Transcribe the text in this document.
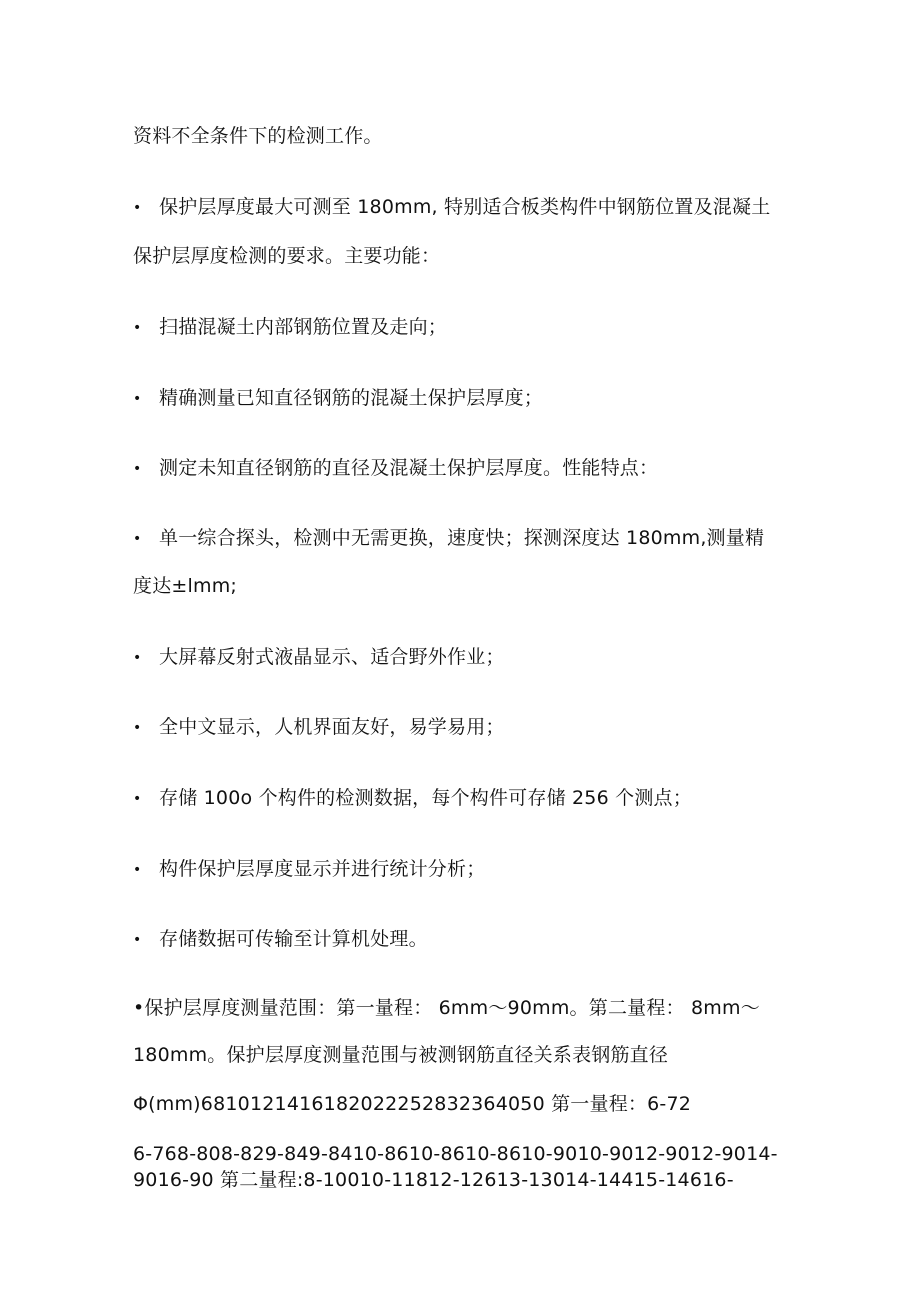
资料不全条件下的检测工作。
• 保护层厚度最大可测至 180mm, 特别适合板类构件中钢筋位置及混凝土
保护层厚度检测的要求。主要功能：
• 扫描混凝土内部钢筋位置及走向；
• 精确测量已知直径钢筋的混凝土保护层厚度；
• 测定未知直径钢筋的直径及混凝土保护层厚度。性能特点：
• 单一综合探头，检测中无需更换，速度快；探测深度达 180mm,测量精
度达±lmm;
• 大屏幕反射式液晶显示、适合野外作业；
• 全中文显示，人机界面友好，易学易用；
• 存储 100o 个构件的检测数据，每个构件可存储 256 个测点；
• 构件保护层厚度显示并进行统计分析；
• 存储数据可传输至计算机处理。
•保护层厚度测量范围：第一量程： 6mm～90mm。第二量程： 8mm～
180mm。保护层厚度测量范围与被测钢筋直径关系表钢筋直径
Φ(mm)6810121416182022252832364050 第一量程：6-72
6-768-808-829-849-8410-8610-8610-8610-9010-9012-9012-9014-
9016-90 第二量程:8-10010-11812-12613-13014-14415-14616-
